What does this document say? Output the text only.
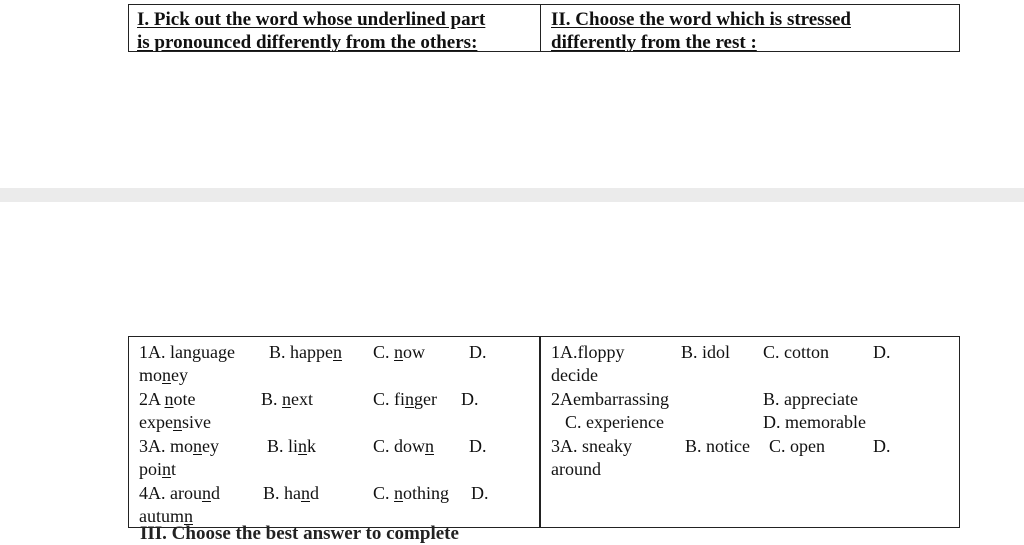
I. Pick out the word whose underlined part
is pronounced differently from the others:
II. Choose the word which is stressed
differently from the rest :
1A. language B. happen C. now D.
money
2A note	B. next	C. finger D.
expensive
3A. money	B. link	C. down D.
point
4A. around B. hand	C. nothing D.
autumn
1A.floppy	B. idol C. cotton D.
decide
2Aembarrassing	B. appreciate
C. experience	D. memorable
3A. sneaky	B. notice C. open	D.
around
III. Choose the best answer to complete
